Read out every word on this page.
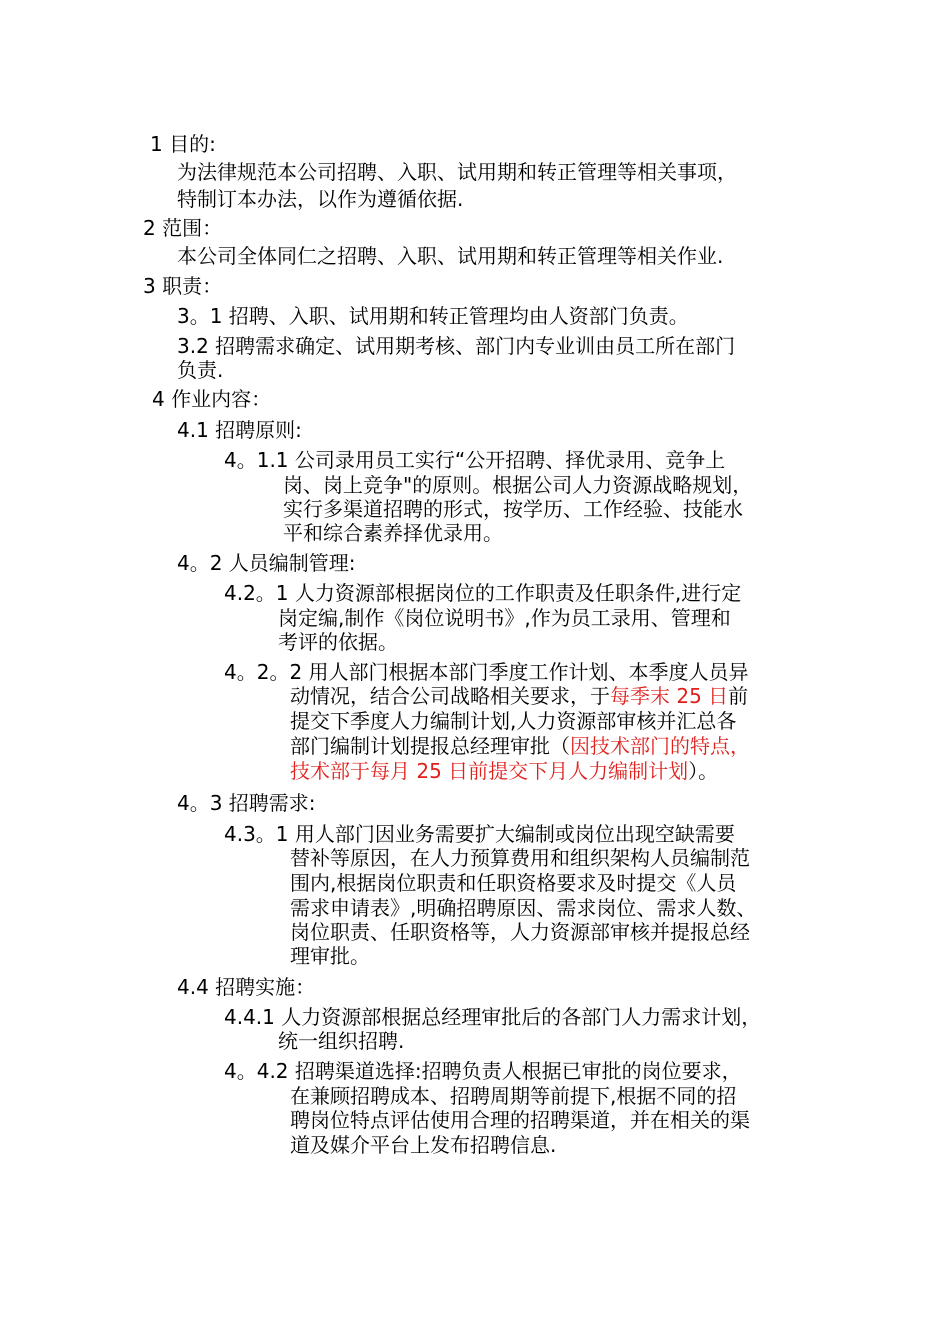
1 目的:

为法律规范本公司招聘、入职、试用期和转正管理等相关事项，

特制订本办法，以作为遵循依据.

2 范围：

本公司全体同仁之招聘、入职、试用期和转正管理等相关作业.

3 职责：

3。1 招聘、入职、试用期和转正管理均由人资部门负责。

3.2 招聘需求确定、试用期考核、部门内专业训由员工所在部门

负责.

4 作业内容：

4.1 招聘原则:

4。1.1 公司录用员工实行“公开招聘、择优录用、竞争上

岗、岗上竞争"的原则。根据公司人力资源战略规划，

实行多渠道招聘的形式，按学历、工作经验、技能水

平和综合素养择优录用。

4。2 人员编制管理:

4.2。1 人力资源部根据岗位的工作职责及任职条件,进行定

岗定编,制作《岗位说明书》,作为员工录用、管理和

考评的依据。

4。2。2 用人部门根据本部门季度工作计划、本季度人员异

动情况，结合公司战略相关要求，于每季末 25 日前

提交下季度人力编制计划,人力资源部审核并汇总各

部门编制计划提报总经理审批（因技术部门的特点，

技术部于每月 25 日前提交下月人力编制计划）。

4。3 招聘需求:

4.3。1 用人部门因业务需要扩大编制或岗位出现空缺需要

替补等原因，在人力预算费用和组织架构人员编制范

围内,根据岗位职责和任职资格要求及时提交《人员

需求申请表》,明确招聘原因、需求岗位、需求人数、

岗位职责、任职资格等，人力资源部审核并提报总经

理审批。

4.4 招聘实施：

4.4.1 人力资源部根据总经理审批后的各部门人力需求计划，

统一组织招聘.

4。4.2 招聘渠道选择:招聘负责人根据已审批的岗位要求，

在兼顾招聘成本、招聘周期等前提下,根据不同的招

聘岗位特点评估使用合理的招聘渠道，并在相关的渠

道及媒介平台上发布招聘信息.
